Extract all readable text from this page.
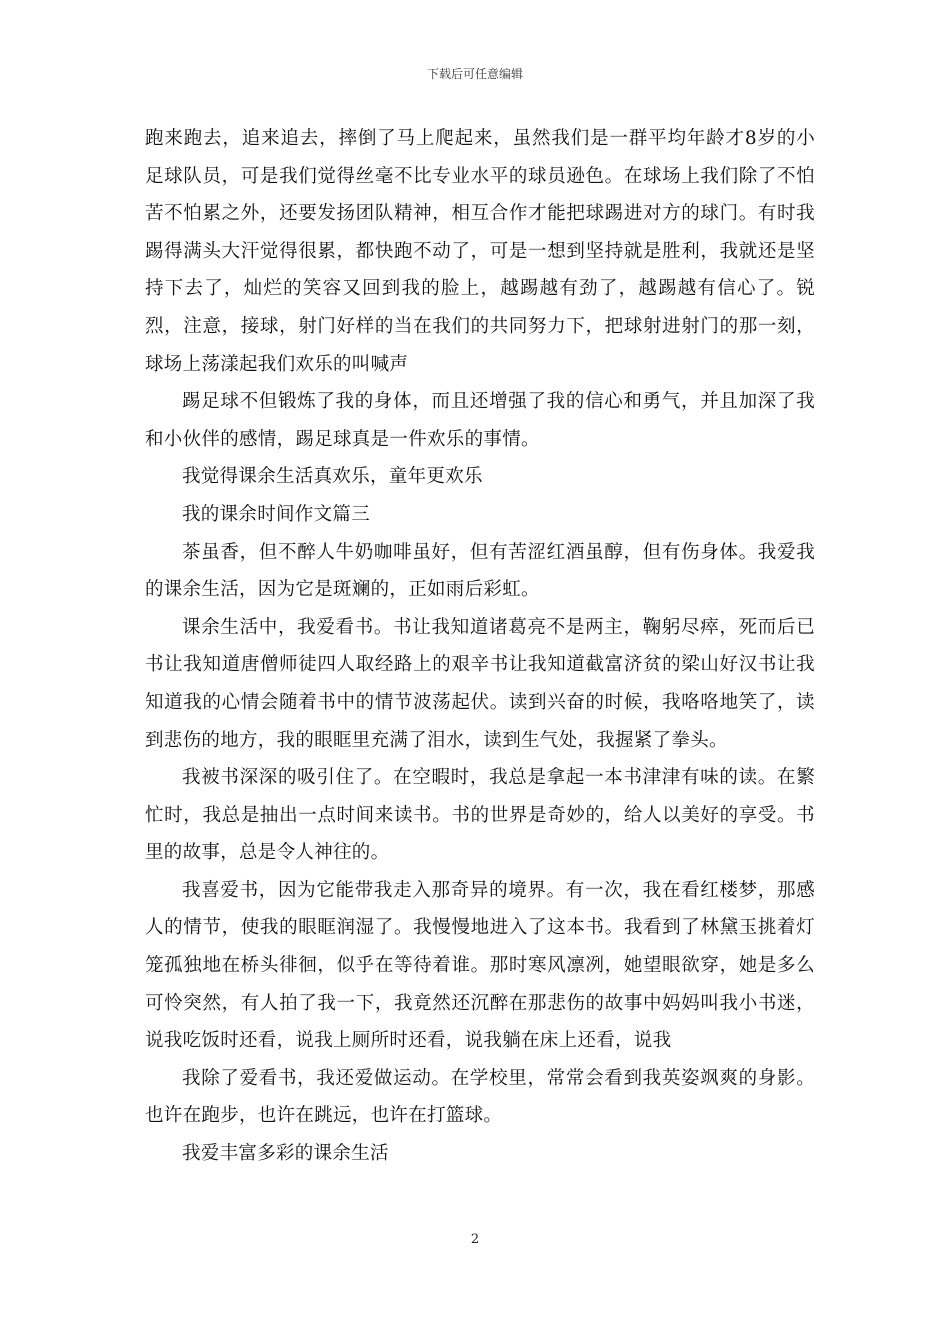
下载后可任意编辑

跑来跑去，追来追去，摔倒了马上爬起来，虽然我们是一群平均年龄才8岁的小足球队员，可是我们觉得丝毫不比专业水平的球员逊色。在球场上我们除了不怕苦不怕累之外，还要发扬团队精神，相互合作才能把球踢进对方的球门。有时我踢得满头大汗觉得很累，都快跑不动了，可是一想到坚持就是胜利，我就还是坚持下去了，灿烂的笑容又回到我的脸上，越踢越有劲了，越踢越有信心了。锐烈，注意，接球，射门好样的当在我们的共同努力下，把球射进射门的那一刻，球场上荡漾起我们欢乐的叫喊声

踢足球不但锻炼了我的身体，而且还增强了我的信心和勇气，并且加深了我和小伙伴的感情，踢足球真是一件欢乐的事情。

我觉得课余生活真欢乐，童年更欢乐

我的课余时间作文篇三

茶虽香，但不醉人牛奶咖啡虽好，但有苦涩红酒虽醇，但有伤身体。我爱我的课余生活，因为它是斑斓的，正如雨后彩虹。

课余生活中，我爱看书。书让我知道诸葛亮不是两主，鞠躬尽瘁，死而后已书让我知道唐僧师徒四人取经路上的艰辛书让我知道截富济贫的梁山好汉书让我知道我的心情会随着书中的情节波荡起伏。读到兴奋的时候，我咯咯地笑了，读到悲伤的地方，我的眼眶里充满了泪水，读到生气处，我握紧了拳头。

我被书深深的吸引住了。在空暇时，我总是拿起一本书津津有味的读。在繁忙时，我总是抽出一点时间来读书。书的世界是奇妙的，给人以美好的享受。书里的故事，总是令人神往的。

我喜爱书，因为它能带我走入那奇异的境界。有一次，我在看红楼梦，那感人的情节，使我的眼眶润湿了。我慢慢地进入了这本书。我看到了林黛玉挑着灯笼孤独地在桥头徘徊，似乎在等待着谁。那时寒风凛冽，她望眼欲穿，她是多么可怜突然，有人拍了我一下，我竟然还沉醉在那悲伤的故事中妈妈叫我小书迷，说我吃饭时还看，说我上厕所时还看，说我躺在床上还看，说我

我除了爱看书，我还爱做运动。在学校里，常常会看到我英姿飒爽的身影。也许在跑步，也许在跳远，也许在打篮球。

我爱丰富多彩的课余生活

2
